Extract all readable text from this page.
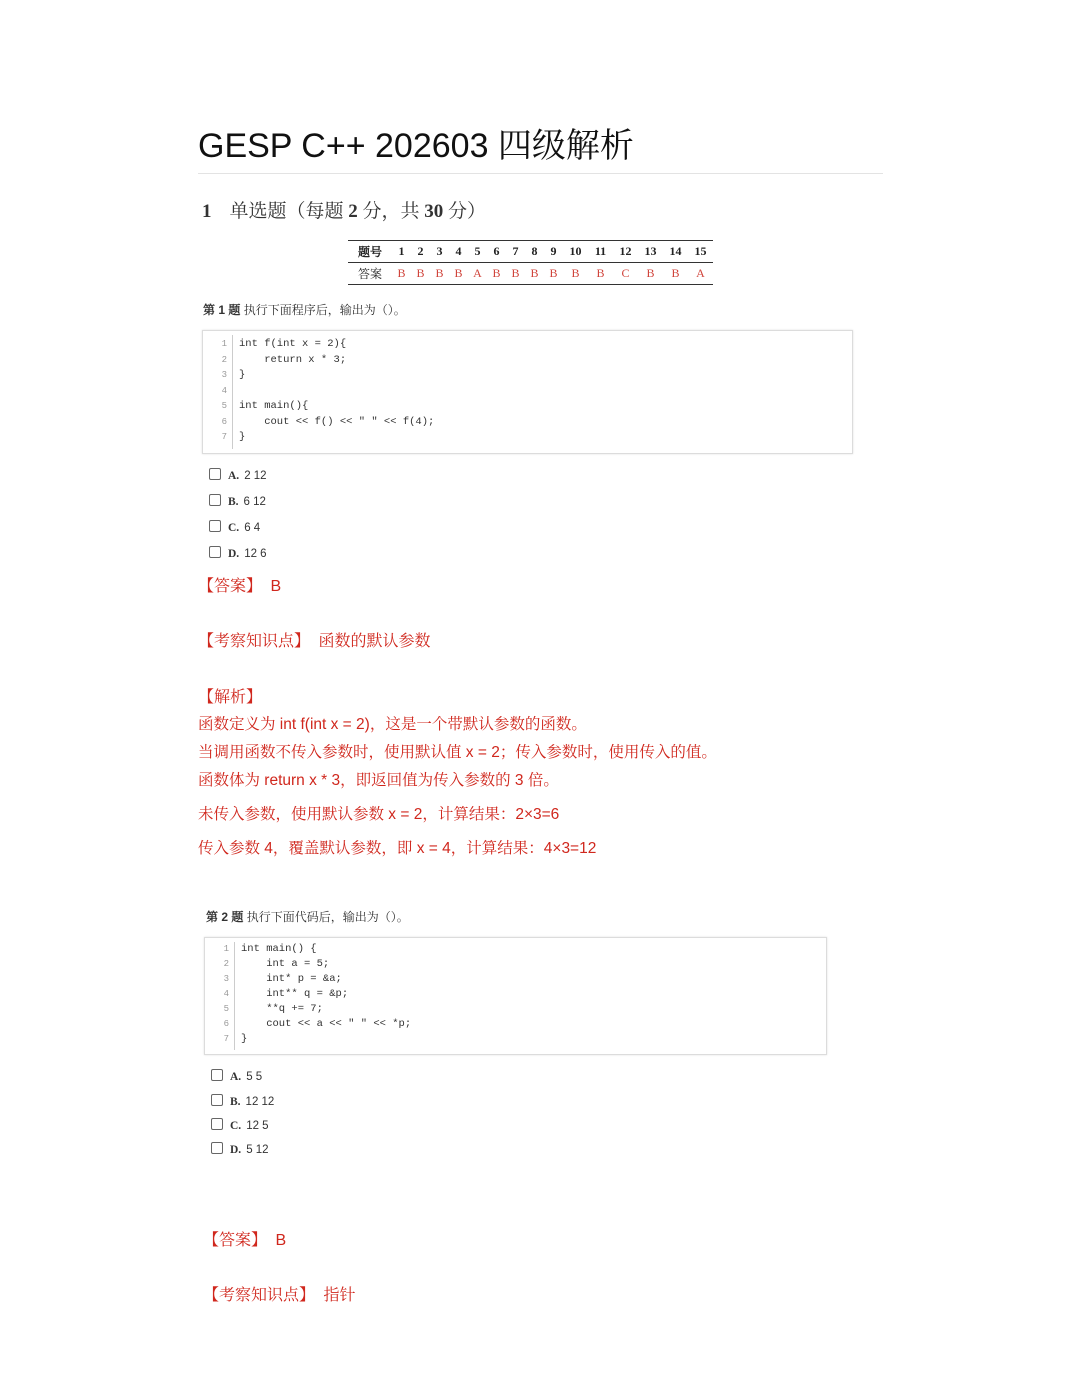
GESP C++ 202603 四级解析
1 单选题（每题 2 分，共 30 分）
题号	1	2	3	4	5	6	7	8	9	10	11	12	13	14	15
答案	B	B	B	B	A	B	B	B	B	B	B	C	B	B	A
第 1 题 执行下面程序后，输出为（）。
1 int f(int x = 2){
2 return x * 3;
3 }
4
5 int main(){
6 cout << f() << " " << f(4);
7 }
A. 2 12
B. 6 12
C. 6 4
D. 12 6
【答案】 B
【考察知识点】 函数的默认参数
【解析】
函数定义为 int f(int x = 2)，这是一个带默认参数的函数。
当调用函数不传入参数时，使用默认值 x = 2；传入参数时，使用传入的值。
函数体为 return x * 3，即返回值为传入参数的 3 倍。
未传入参数，使用默认参数 x = 2，计算结果：2×3=6
传入参数 4，覆盖默认参数，即 x = 4，计算结果：4×3=12
第 2 题 执行下面代码后，输出为（）。
1 int main() {
2 int a = 5;
3 int* p = &a;
4 int** q = &p;
5 **q += 7;
6 cout << a << " " << *p;
7 }
A. 5 5
B. 12 12
C. 12 5
D. 5 12
【答案】 B
【考察知识点】 指针
